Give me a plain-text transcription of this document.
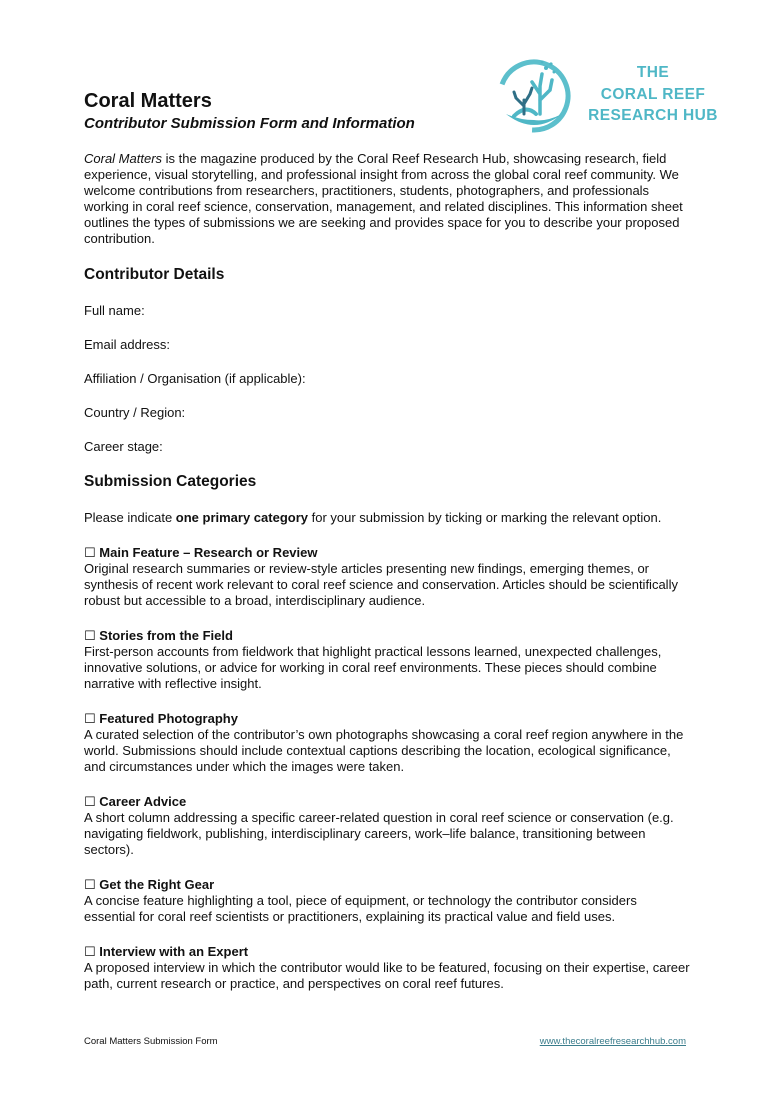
THE
CORAL REEF
RESEARCH HUB
Coral Matters
Contributor Submission Form and Information

Coral Matters is the magazine produced by the Coral Reef Research Hub, showcasing research, field experience, visual storytelling, and professional insight from across the global coral reef community. We welcome contributions from researchers, practitioners, students, photographers, and professionals working in coral reef science, conservation, management, and related disciplines. This information sheet outlines the types of submissions we are seeking and provides space for you to describe your proposed contribution.

Contributor Details

Full name:

Email address:

Affiliation / Organisation (if applicable):

Country / Region:

Career stage:

Submission Categories

Please indicate one primary category for your submission by ticking or marking the relevant option.

☐ Main Feature – Research or Review

Original research summaries or review-style articles presenting new findings, emerging themes, or synthesis of recent work relevant to coral reef science and conservation. Articles should be scientifically robust but accessible to a broad, interdisciplinary audience.

☐ Stories from the Field

First-person accounts from fieldwork that highlight practical lessons learned, unexpected challenges, innovative solutions, or advice for working in coral reef environments. These pieces should combine narrative with reflective insight.

☐ Featured Photography

A curated selection of the contributor’s own photographs showcasing a coral reef region anywhere in the world. Submissions should include contextual captions describing the location, ecological significance, and circumstances under which the images were taken.

☐ Career Advice

A short column addressing a specific career-related question in coral reef science or conservation (e.g. navigating fieldwork, publishing, interdisciplinary careers, work–life balance, transitioning between sectors).

☐ Get the Right Gear

A concise feature highlighting a tool, piece of equipment, or technology the contributor considers essential for coral reef scientists or practitioners, explaining its practical value and field uses.

☐ Interview with an Expert

A proposed interview in which the contributor would like to be featured, focusing on their expertise, career path, current research or practice, and perspectives on coral reef futures.

Coral Matters Submission Form	www.thecoralreefresearchhub.com
